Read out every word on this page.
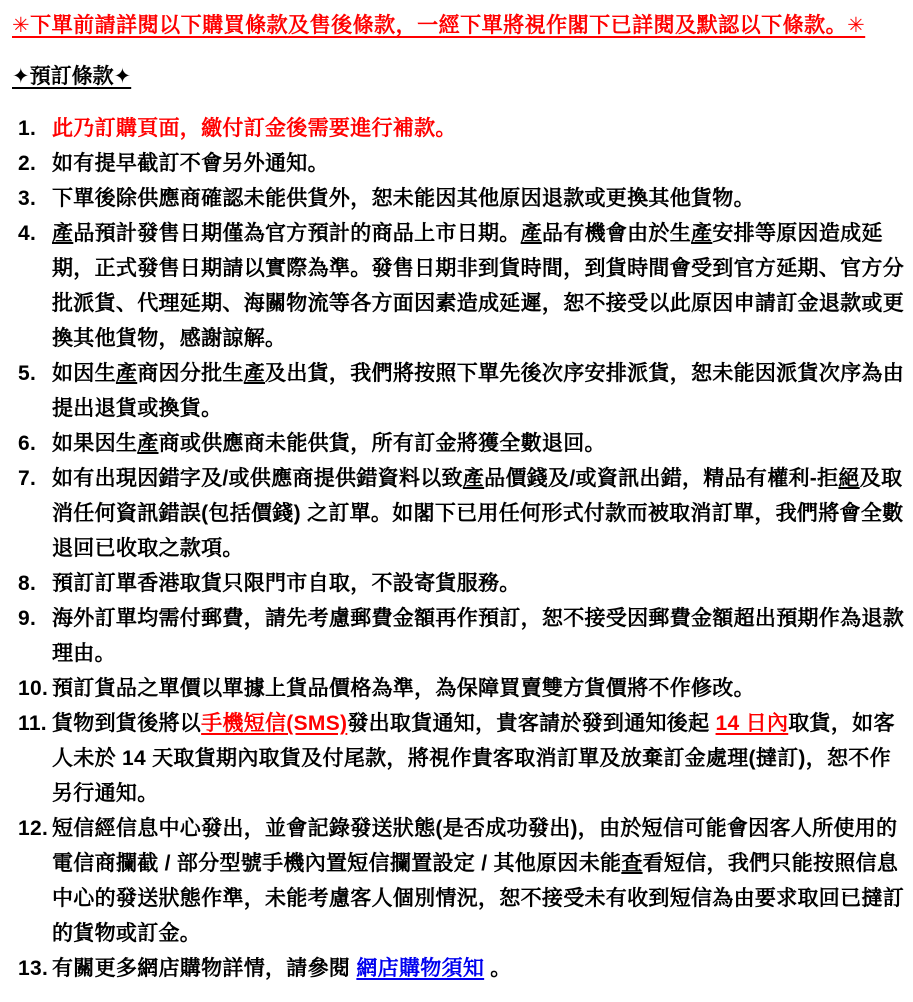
✳下單前請詳閱以下購買條款及售後條款，一經下單將視作閣下已詳閱及默認以下條款。✳
✦預訂條款✦
1. 此乃訂購頁面，繳付訂金後需要進行補款。
2. 如有提早截訂不會另外通知。
3. 下單後除供應商確認未能供貨外，恕未能因其他原因退款或更換其他貨物。
4. 產品預計發售日期僅為官方預計的商品上市日期。產品有機會由於生產安排等原因造成延期，正式發售日期請以實際為準。發售日期非到貨時間，到貨時間會受到官方延期、官方分批派貨、代理延期、海關物流等各方面因素造成延遲，恕不接受以此原因申請訂金退款或更換其他貨物，感謝諒解。
5. 如因生產商因分批生產及出貨，我們將按照下單先後次序安排派貨，恕未能因派貨次序為由提出退貨或換貨。
6. 如果因生產商或供應商未能供貨，所有訂金將獲全數退回。
7. 如有出現因錯字及/或供應商提供錯資料以致產品價錢及/或資訊出錯，精品有權利-拒絕及取消任何資訊錯誤(包括價錢) 之訂單。如閣下已用任何形式付款而被取消訂單，我們將會全數退回已收取之款項。
8. 預訂訂單香港取貨只限門市自取，不設寄貨服務。
9. 海外訂單均需付郵費，請先考慮郵費金額再作預訂，恕不接受因郵費金額超出預期作為退款理由。
10. 預訂貨品之單價以單據上貨品價格為準，為保障買賣雙方貨價將不作修改。
11. 貨物到貨後將以手機短信(SMS)發出取貨通知，貴客請於發到通知後起 14 日內取貨，如客人未於 14 天取貨期內取貨及付尾款，將視作貴客取消訂單及放棄訂金處理(撻訂)，恕不作另行通知。
12. 短信經信息中心發出，並會記錄發送狀態(是否成功發出)，由於短信可能會因客人所使用的電信商攔截 / 部分型號手機內置短信攔置設定 / 其他原因未能査看短信，我們只能按照信息中心的發送狀態作準，未能考慮客人個別情況，恕不接受未有收到短信為由要求取回已撻訂的貨物或訂金。
13. 有關更多網店購物詳情，請參閱 網店購物須知 。
